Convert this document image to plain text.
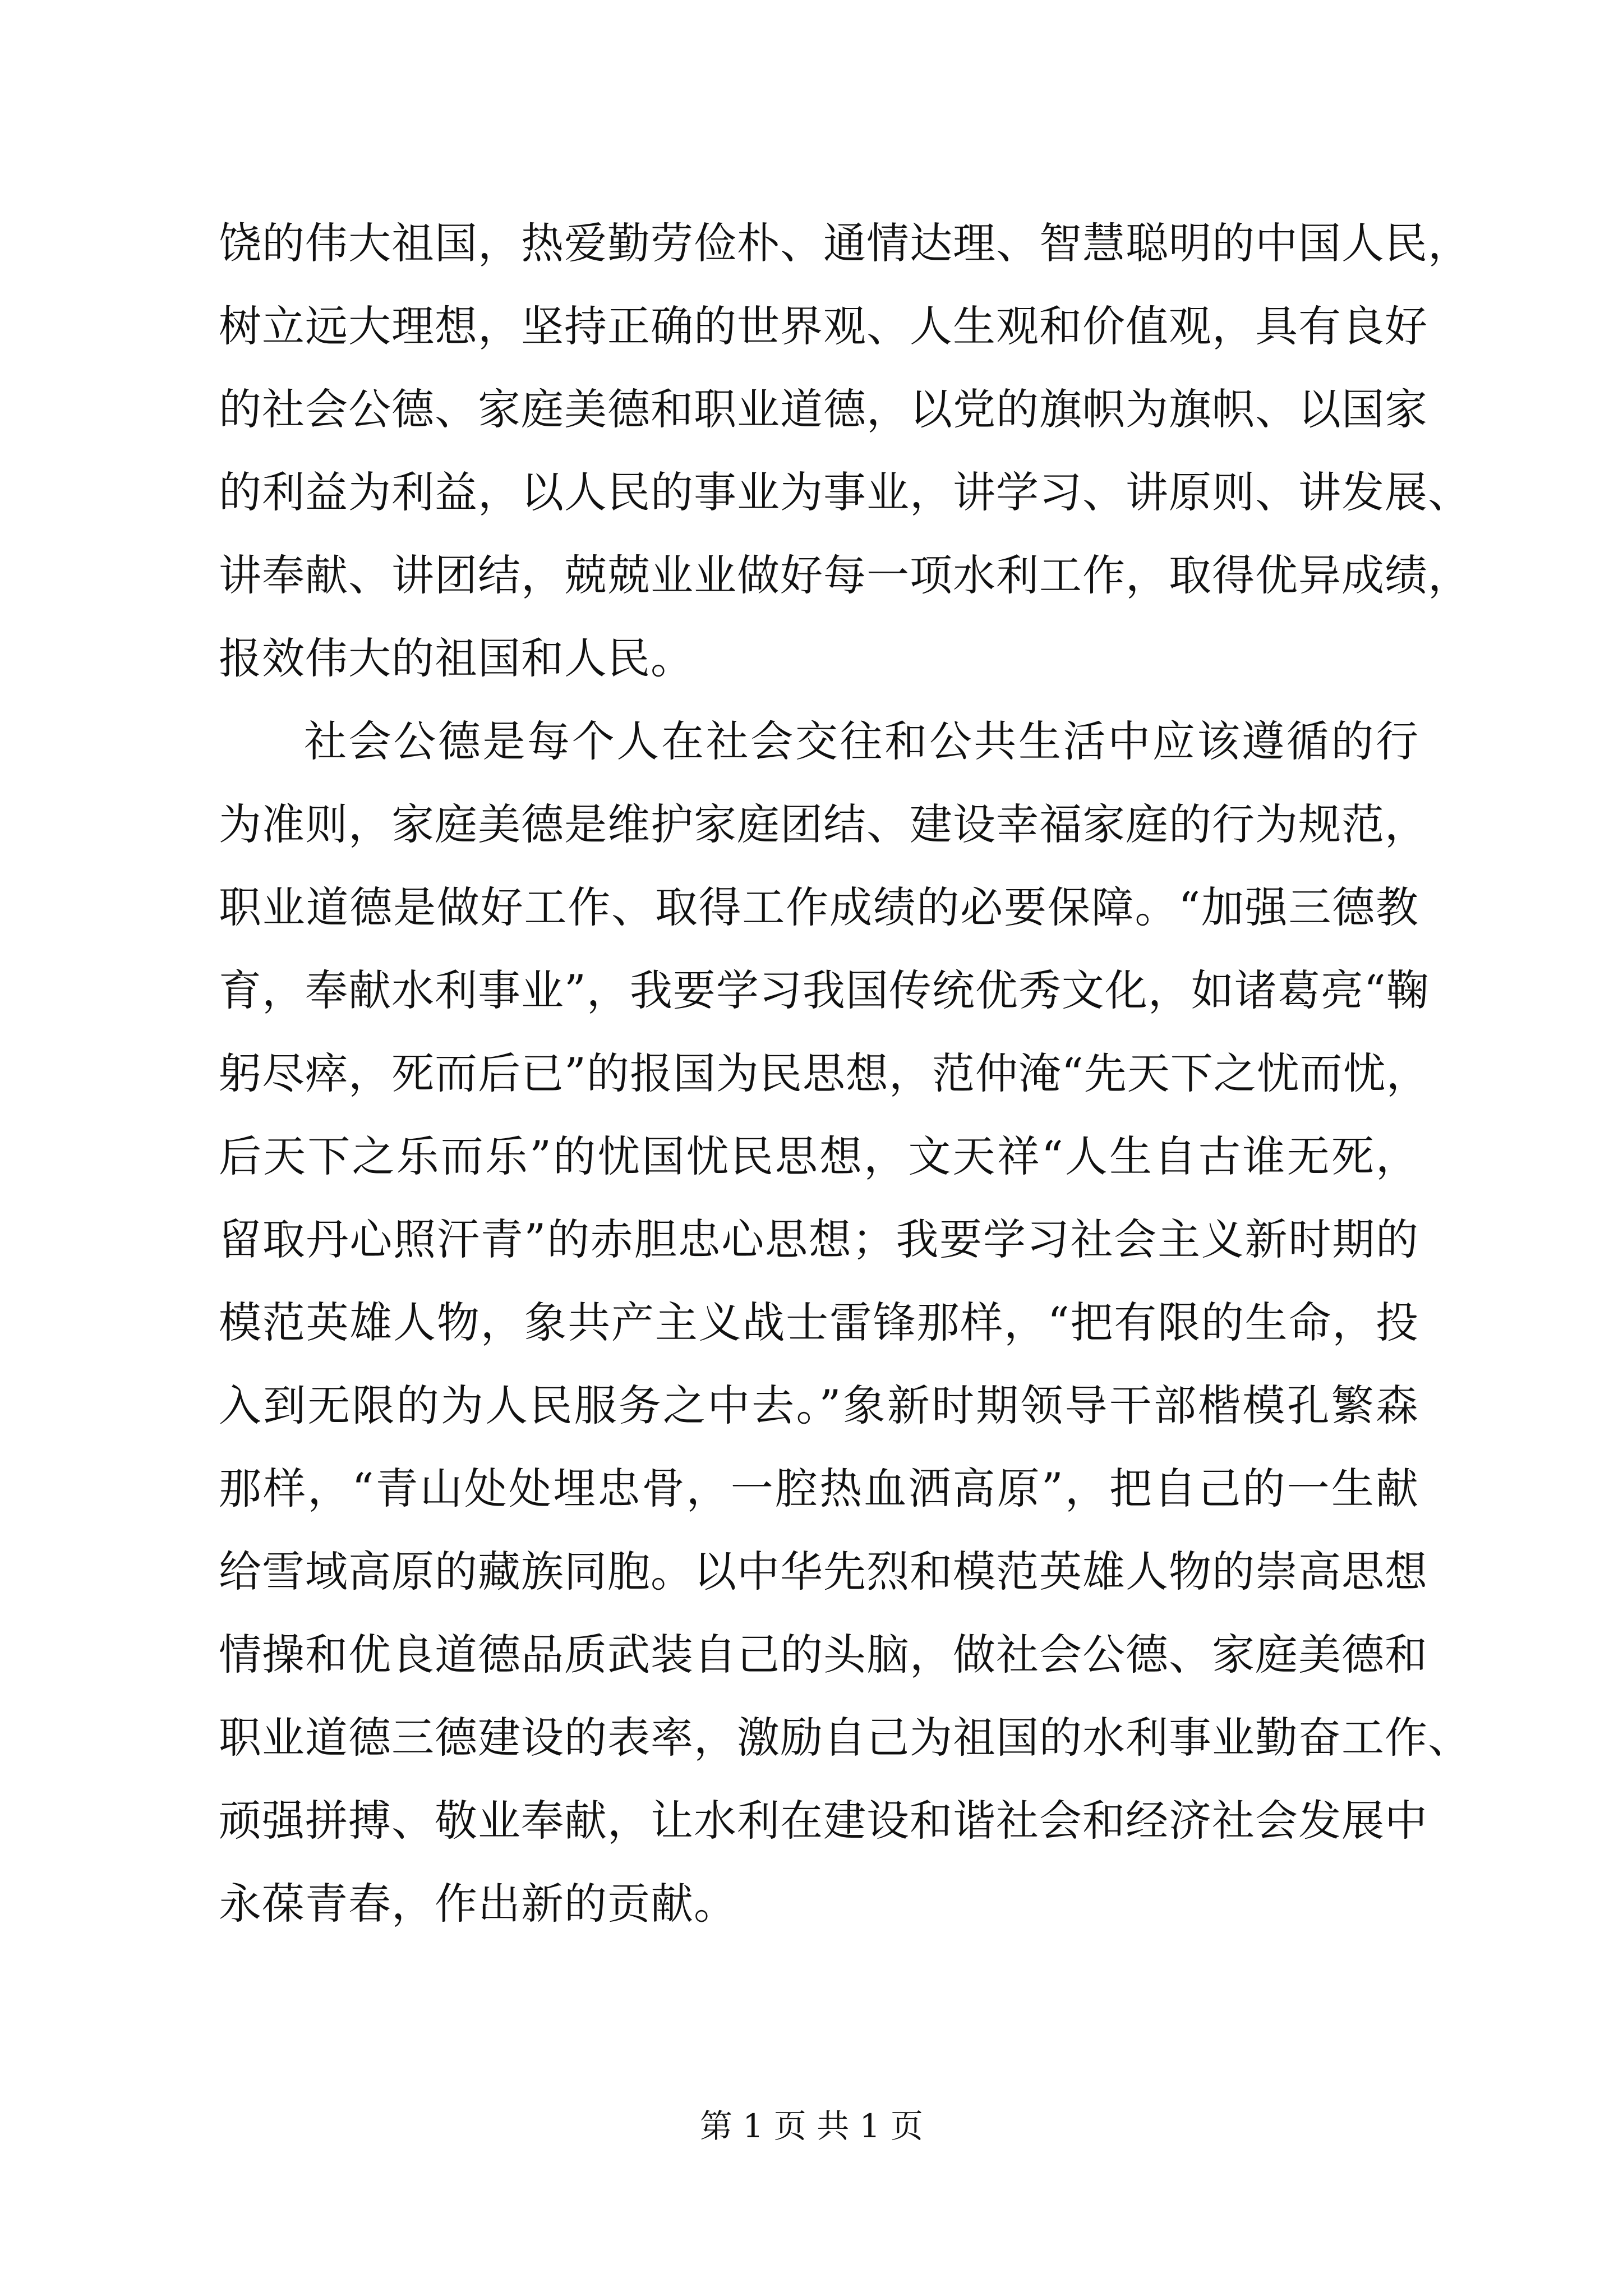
饶的伟大祖国，热爱勤劳俭朴、通情达理、智慧聪明的中国人民，
树立远大理想，坚持正确的世界观、人生观和价值观，具有良好
的社会公德、家庭美德和职业道德，以党的旗帜为旗帜、以国家
的利益为利益，以人民的事业为事业，讲学习、讲原则、讲发展、
讲奉献、讲团结，兢兢业业做好每一项水利工作，取得优异成绩，
报效伟大的祖国和人民。
社会公德是每个人在社会交往和公共生活中应该遵循的行
为准则，家庭美德是维护家庭团结、建设幸福家庭的行为规范，
职业道德是做好工作、取得工作成绩的必要保障。“加强三德教
育，奉献水利事业”，我要学习我国传统优秀文化，如诸葛亮“鞠
躬尽瘁，死而后已”的报国为民思想，范仲淹“先天下之忧而忧，
后天下之乐而乐”的忧国忧民思想，文天祥“人生自古谁无死，
留取丹心照汗青”的赤胆忠心思想；我要学习社会主义新时期的
模范英雄人物，象共产主义战士雷锋那样，“把有限的生命，投
入到无限的为人民服务之中去。”象新时期领导干部楷模孔繁森
那样，“青山处处埋忠骨，一腔热血洒高原”，把自己的一生献
给雪域高原的藏族同胞。以中华先烈和模范英雄人物的崇高思想
情操和优良道德品质武装自己的头脑，做社会公德、家庭美德和
职业道德三德建设的表率，激励自己为祖国的水利事业勤奋工作、
顽强拼搏、敬业奉献，让水利在建设和谐社会和经济社会发展中
永葆青春，作出新的贡献。
第 1 页 共 1 页
